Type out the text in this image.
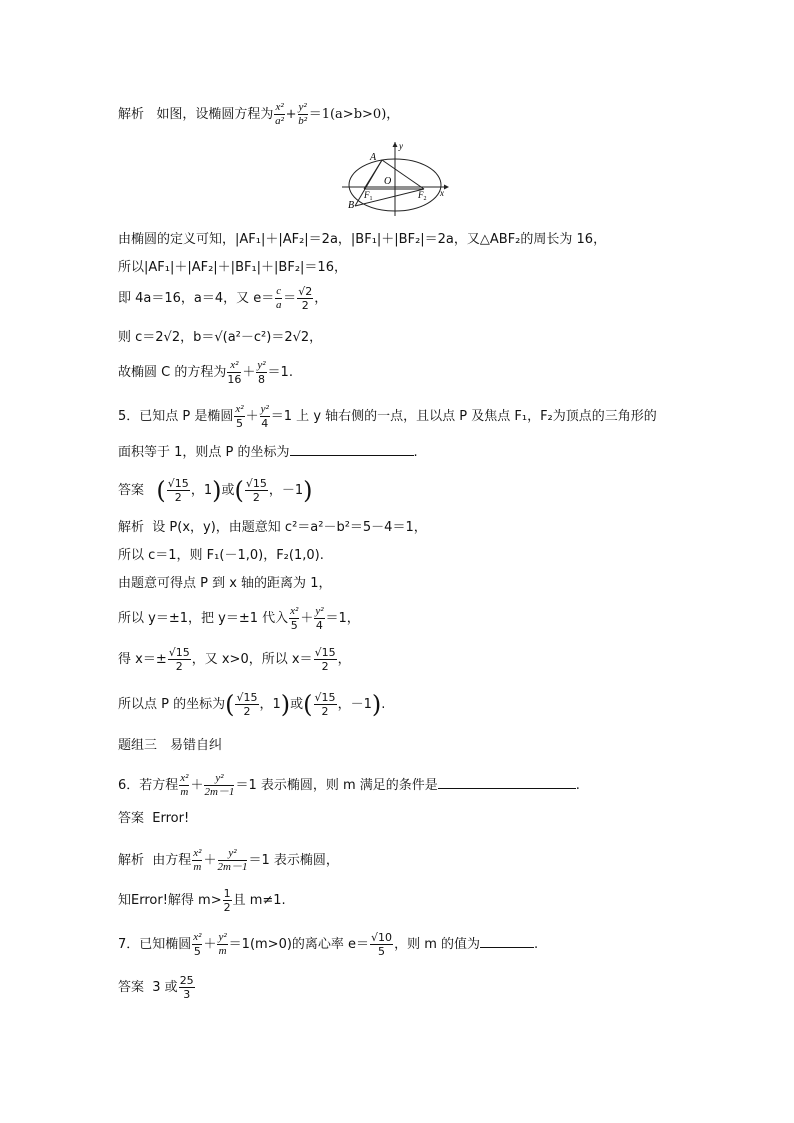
解析 如图，设椭圆方程为 $\frac{\text{x²}}{\text{a²}} + \frac{\text{y²}}{\text{b²}} =1(a>b>0)$，
A
B
O
$F_1$	$F_2$
x
y
由椭圆的定义可知，|AF₁|＋|AF₂|＝2a，|BF₁|＋|BF₂|＝2a，又△ABF₂的周长为 16，
所以|AF₁|＋|AF₂|＋|BF₁|＋|BF₂|＝16，
即 4a＝16，a＝4，又 $e= \frac{c}{a} = \frac{√2}{2}$ ，
则 c＝2√2，b＝√(a²－c²)＝2√2，
故椭圆 C 的方程为 $\frac{\text{x²}}{16} + \frac{\text{y²}}{8} =1$.
5．已知点 P 是椭圆 $\frac{\text{x²}}{5} + \frac{\text{y²}}{4} =1$ 上 y 轴右侧的一点，且以点 P 及焦点 F₁，F₂为顶点的三角形的
面积等于 1，则点 P 的坐标为	.
答案 ( $\frac{√15}{2}$ ，1)或( $\frac{√15}{2}$ ，－1)
解析 设 P(x，y)，由题意知 c²＝a²－b²＝5－4＝1，
所以 c＝1，则 F₁(－1,0)，F₂(1,0).
由题意可得点 P 到 x 轴的距离为 1，
所以 y＝±1，把 y＝±1 代入 $\frac{\text{x²}}{5} + \frac{\text{y²}}{4} =1$，
得 $x=\pm \frac{√15}{2}$ ，又 x>0，所以 $x= \frac{√15}{2}$ ，
所以点 P 的坐标为( $\frac{√15}{2}$ ，1)或( $\frac{√15}{2}$ ，－1).
题组三　易错自纠
6．若方程 $\frac{\text{x²}}{m} + \frac{\text{y²}}{2m-1} =1$ 表示椭圆，则 m 满足的条件是	.
答案 Error!
解析 由方程 $\frac{\text{x²}}{m} + \frac{\text{y²}}{2m-1} =1$ 表示椭圆，
知Error!解得 $m> \frac{1}{2}$ 且 m≠1.
7．已知椭圆 $\frac{\text{x²}}{5} + \frac{\text{y²}}{m} =1(m>0)$的离心率 $e= \frac{√10}{5}$ ，则 m 的值为	.
答案 3 或 $\frac{25}{3}$
